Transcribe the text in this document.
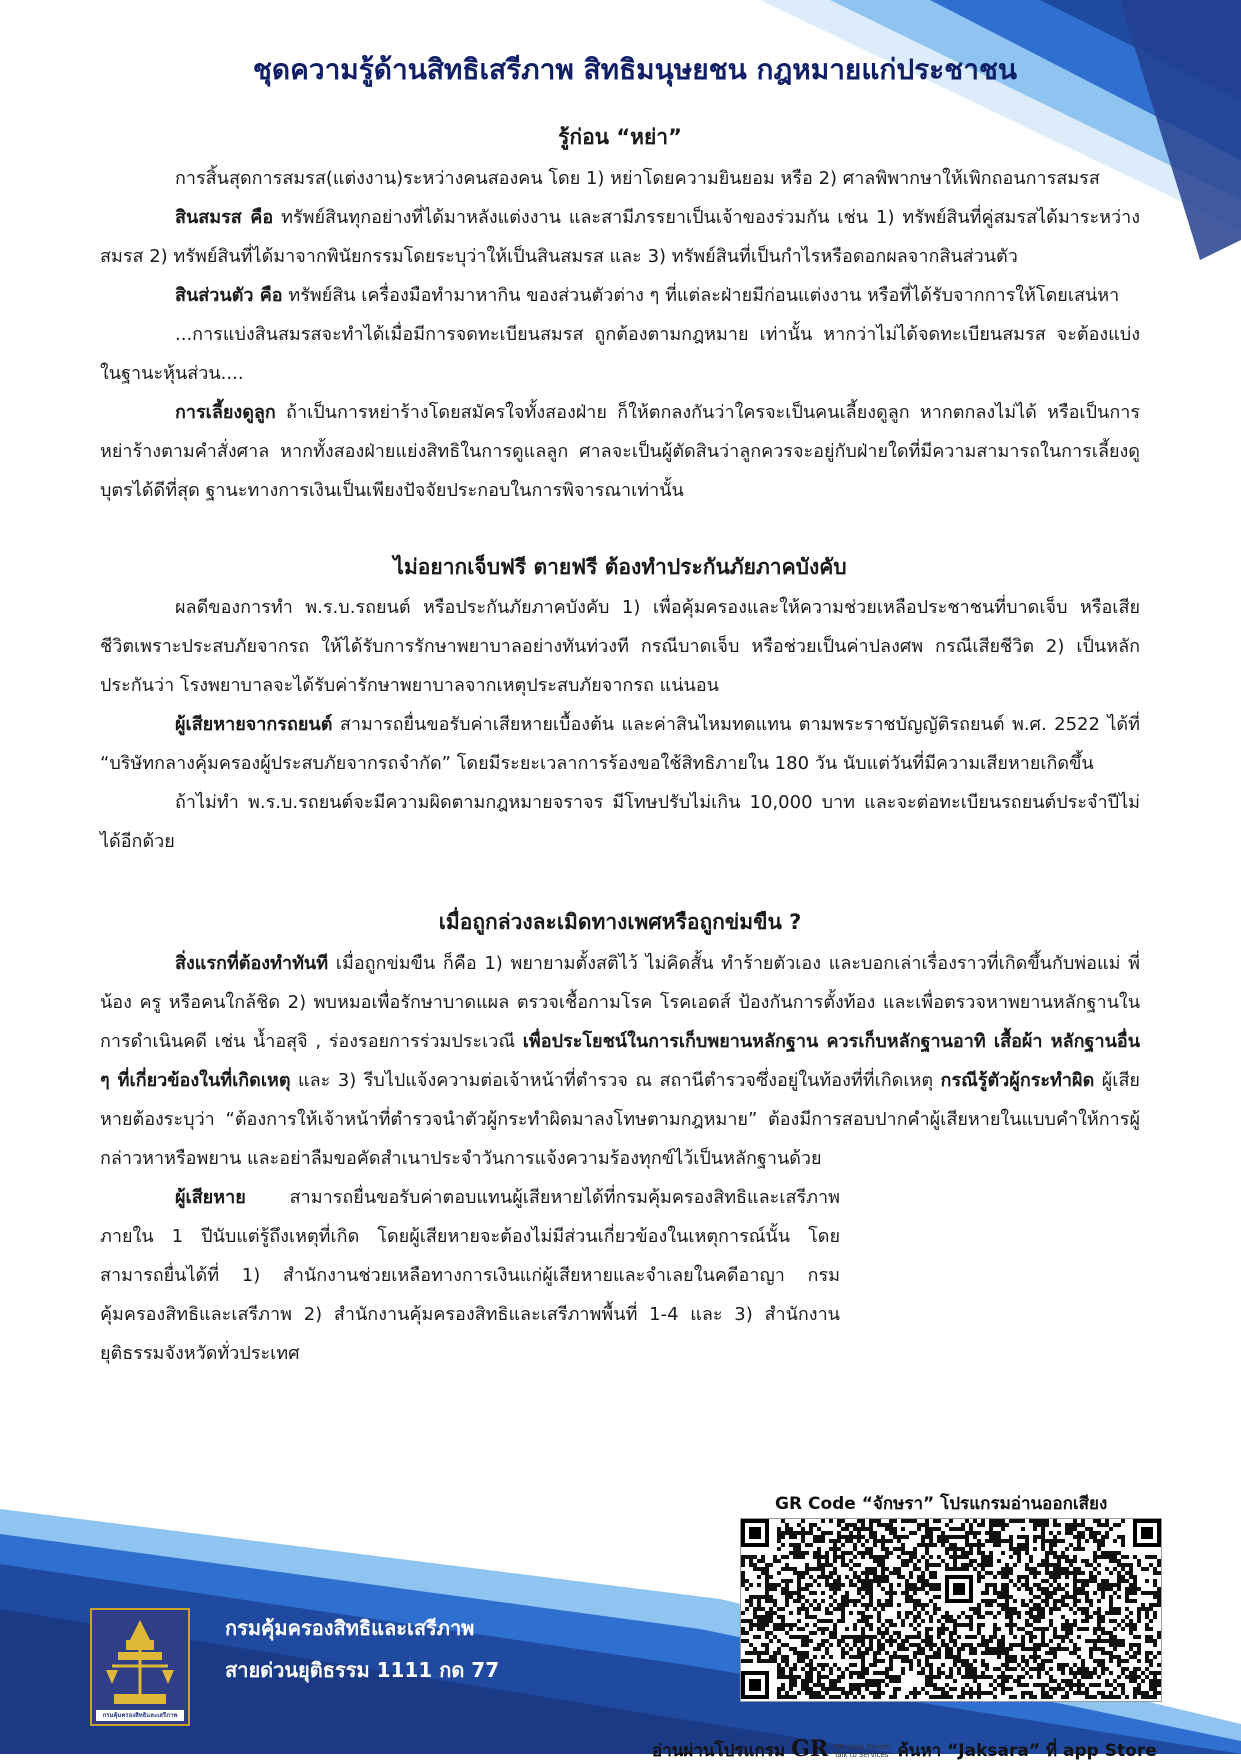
ชุดความรู้ด้านสิทธิเสรีภาพ สิทธิมนุษยชน กฎหมายแก่ประชาชน
รู้ก่อน “หย่า”

การสิ้นสุดการสมรส(แต่งงาน)ระหว่างคนสองคน โดย 1) หย่าโดยความยินยอม หรือ 2) ศาลพิพากษาให้เพิกถอนการสมรส

สินสมรส คือ ทรัพย์สินทุกอย่างที่ได้มาหลังแต่งงาน และสามีภรรยาเป็นเจ้าของร่วมกัน เช่น 1) ทรัพย์สินที่คู่สมรสได้มาระหว่างสมรส 2) ทรัพย์สินที่ได้มาจากพินัยกรรมโดยระบุว่าให้เป็นสินสมรส และ 3) ทรัพย์สินที่เป็นกำไรหรือดอกผลจากสินส่วนตัว

สินส่วนตัว คือ ทรัพย์สิน เครื่องมือทำมาหากิน ของส่วนตัวต่าง ๆ ที่แต่ละฝ่ายมีก่อนแต่งงาน หรือที่ได้รับจากการให้โดยเสน่หา

...การแบ่งสินสมรสจะทำได้เมื่อมีการจดทะเบียนสมรส ถูกต้องตามกฎหมาย เท่านั้น หากว่าไม่ได้จดทะเบียนสมรส จะต้องแบ่งในฐานะหุ้นส่วน....

การเลี้ยงดูลูก ถ้าเป็นการหย่าร้างโดยสมัครใจทั้งสองฝ่าย ก็ให้ตกลงกันว่าใครจะเป็นคนเลี้ยงดูลูก หากตกลงไม่ได้ หรือเป็นการหย่าร้างตามคำสั่งศาล หากทั้งสองฝ่ายแย่งสิทธิในการดูแลลูก ศาลจะเป็นผู้ตัดสินว่าลูกควรจะอยู่กับฝ่ายใดที่มีความสามารถในการเลี้ยงดูบุตรได้ดีที่สุด ฐานะทางการเงินเป็นเพียงปัจจัยประกอบในการพิจารณาเท่านั้น

ไม่อยากเจ็บฟรี ตายฟรี ต้องทำประกันภัยภาคบังคับ

ผลดีของการทำ พ.ร.บ.รถยนต์ หรือประกันภัยภาคบังคับ 1) เพื่อคุ้มครองและให้ความช่วยเหลือประชาชนที่บาดเจ็บ หรือเสียชีวิตเพราะประสบภัยจากรถ ให้ได้รับการรักษาพยาบาลอย่างทันท่วงที กรณีบาดเจ็บ หรือช่วยเป็นค่าปลงศพ กรณีเสียชีวิต 2) เป็นหลักประกันว่า โรงพยาบาลจะได้รับค่ารักษาพยาบาลจากเหตุประสบภัยจากรถ แน่นอน

ผู้เสียหายจากรถยนต์ สามารถยื่นขอรับค่าเสียหายเบื้องต้น และค่าสินไหมทดแทน ตามพระราชบัญญัติรถยนต์ พ.ศ. 2522 ได้ที่ “บริษัทกลางคุ้มครองผู้ประสบภัยจากรถจำกัด” โดยมีระยะเวลาการร้องขอใช้สิทธิภายใน 180 วัน นับแต่วันที่มีความเสียหายเกิดขึ้น

ถ้าไม่ทำ พ.ร.บ.รถยนต์จะมีความผิดตามกฎหมายจราจร มีโทษปรับไม่เกิน 10,000 บาท และจะต่อทะเบียนรถยนต์ประจำปีไม่ได้อีกด้วย

เมื่อถูกล่วงละเมิดทางเพศหรือถูกข่มขืน ?

สิ่งแรกที่ต้องทำทันที เมื่อถูกข่มขืน ก็คือ 1) พยายามตั้งสติไว้ ไม่คิดสั้น ทำร้ายตัวเอง และบอกเล่าเรื่องราวที่เกิดขึ้นกับพ่อแม่ พี่น้อง ครู หรือคนใกล้ชิด 2) พบหมอเพื่อรักษาบาดแผล ตรวจเชื้อกามโรค โรคเอดส์ ป้องกันการตั้งท้อง และเพื่อตรวจหาพยานหลักฐานในการดำเนินคดี เช่น น้ำอสุจิ , ร่องรอยการร่วมประเวณี เพื่อประโยชน์ในการเก็บพยานหลักฐาน ควรเก็บหลักฐานอาทิ เสื้อผ้า หลักฐานอื่น ๆ ที่เกี่ยวข้องในที่เกิดเหตุ และ 3) รีบไปแจ้งความต่อเจ้าหน้าที่ตำรวจ ณ สถานีตำรวจซึ่งอยู่ในท้องที่ที่เกิดเหตุ กรณีรู้ตัวผู้กระทำผิด ผู้เสียหายต้องระบุว่า “ต้องการให้เจ้าหน้าที่ตำรวจนำตัวผู้กระทำผิดมาลงโทษตามกฎหมาย” ต้องมีการสอบปากคำผู้เสียหายในแบบคำให้การผู้กล่าวหาหรือพยาน และอย่าลืมขอคัดสำเนาประจำวันการแจ้งความร้องทุกข์ไว้เป็นหลักฐานด้วย

ผู้เสียหาย สามารถยื่นขอรับค่าตอบแทนผู้เสียหายได้ที่กรมคุ้มครองสิทธิและเสรีภาพ ภายใน 1 ปีนับแต่รู้ถึงเหตุที่เกิด โดยผู้เสียหายจะต้องไม่มีส่วนเกี่ยวข้องในเหตุการณ์นั้น โดยสามารถยื่นได้ที่ 1) สำนักงานช่วยเหลือทางการเงินแก่ผู้เสียหายและจำเลยในคดีอาญา กรมคุ้มครองสิทธิและเสรีภาพ 2) สำนักงานคุ้มครองสิทธิและเสรีภาพพื้นที่ 1-4 และ 3) สำนักงานยุติธรรมจังหวัดทั่วประเทศ

GR Code “จักษรา” โปรแกรมอ่านออกเสียง
กรมคุ้มครองสิทธิและเสรีภาพ
กรมคุ้มครองสิทธิและเสรีภาพ
สายด่วนยุติธรรม 1111 กด 77
อ่านผ่านโปรแกรม GR GR Code Reader
Talk to Services ค้นหา “Jaksara” ที่ app Store
